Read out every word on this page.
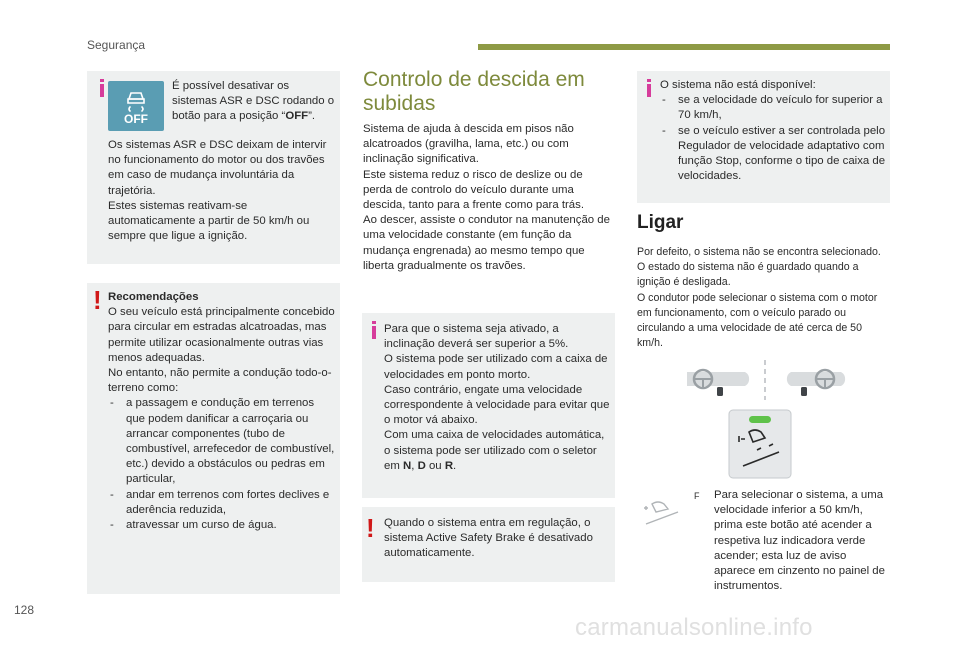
Segurança
OFF
É possível desativar os sistemas ASR e DSC rodando o botão para a posição “OFF”.
Os sistemas ASR e DSC deixam de intervir no funcionamento do motor ou dos travões em caso de mudança involuntária da trajetória.
Estes sistemas reativam-se automaticamente a partir de 50 km/h ou sempre que ligue a ignição.
! Recomendações
O seu veículo está principalmente concebido para circular em estradas alcatroadas, mas permite utilizar ocasionalmente outras vias menos adequadas.
No entanto, não permite a condução todo-o-terreno como:
- a passagem e condução em terrenos que podem danificar a carroçaria ou arrancar componentes (tubo de combustível, arrefecedor de combustível, etc.) devido a obstáculos ou pedras em particular,
- andar em terrenos com fortes declives e aderência reduzida,
- atravessar um curso de água.
Controlo de descida em subidas
Sistema de ajuda à descida em pisos não alcatroados (gravilha, lama, etc.) ou com inclinação significativa.
Este sistema reduz o risco de deslize ou de perda de controlo do veículo durante uma descida, tanto para a frente como para trás.
Ao descer, assiste o condutor na manutenção de uma velocidade constante (em função da mudança engrenada) ao mesmo tempo que liberta gradualmente os travões.
Para que o sistema seja ativado, a inclinação deverá ser superior a 5%.
O sistema pode ser utilizado com a caixa de velocidades em ponto morto.
Caso contrário, engate uma velocidade correspondente à velocidade para evitar que o motor vá abaixo.
Com uma caixa de velocidades automática, o sistema pode ser utilizado com o seletor em N, D ou R.
! Quando o sistema entra em regulação, o sistema Active Safety Brake é desativado automaticamente.
O sistema não está disponível:
- se a velocidade do veículo for superior a 70 km/h,
- se o veículo estiver a ser controlada pelo Regulador de velocidade adaptativo com função Stop, conforme o tipo de caixa de velocidades.
Ligar
Por defeito, o sistema não se encontra selecionado.
O estado do sistema não é guardado quando a ignição é desligada.
O condutor pode selecionar o sistema com o motor em funcionamento, com o veículo parado ou circulando a uma velocidade de até cerca de 50 km/h.
F	Para selecionar o sistema, a uma velocidade inferior a 50 km/h, prima este botão até acender a respetiva luz indicadora verde acender; esta luz de aviso aparece em cinzento no painel de instrumentos.
128
carmanualsonline.info
